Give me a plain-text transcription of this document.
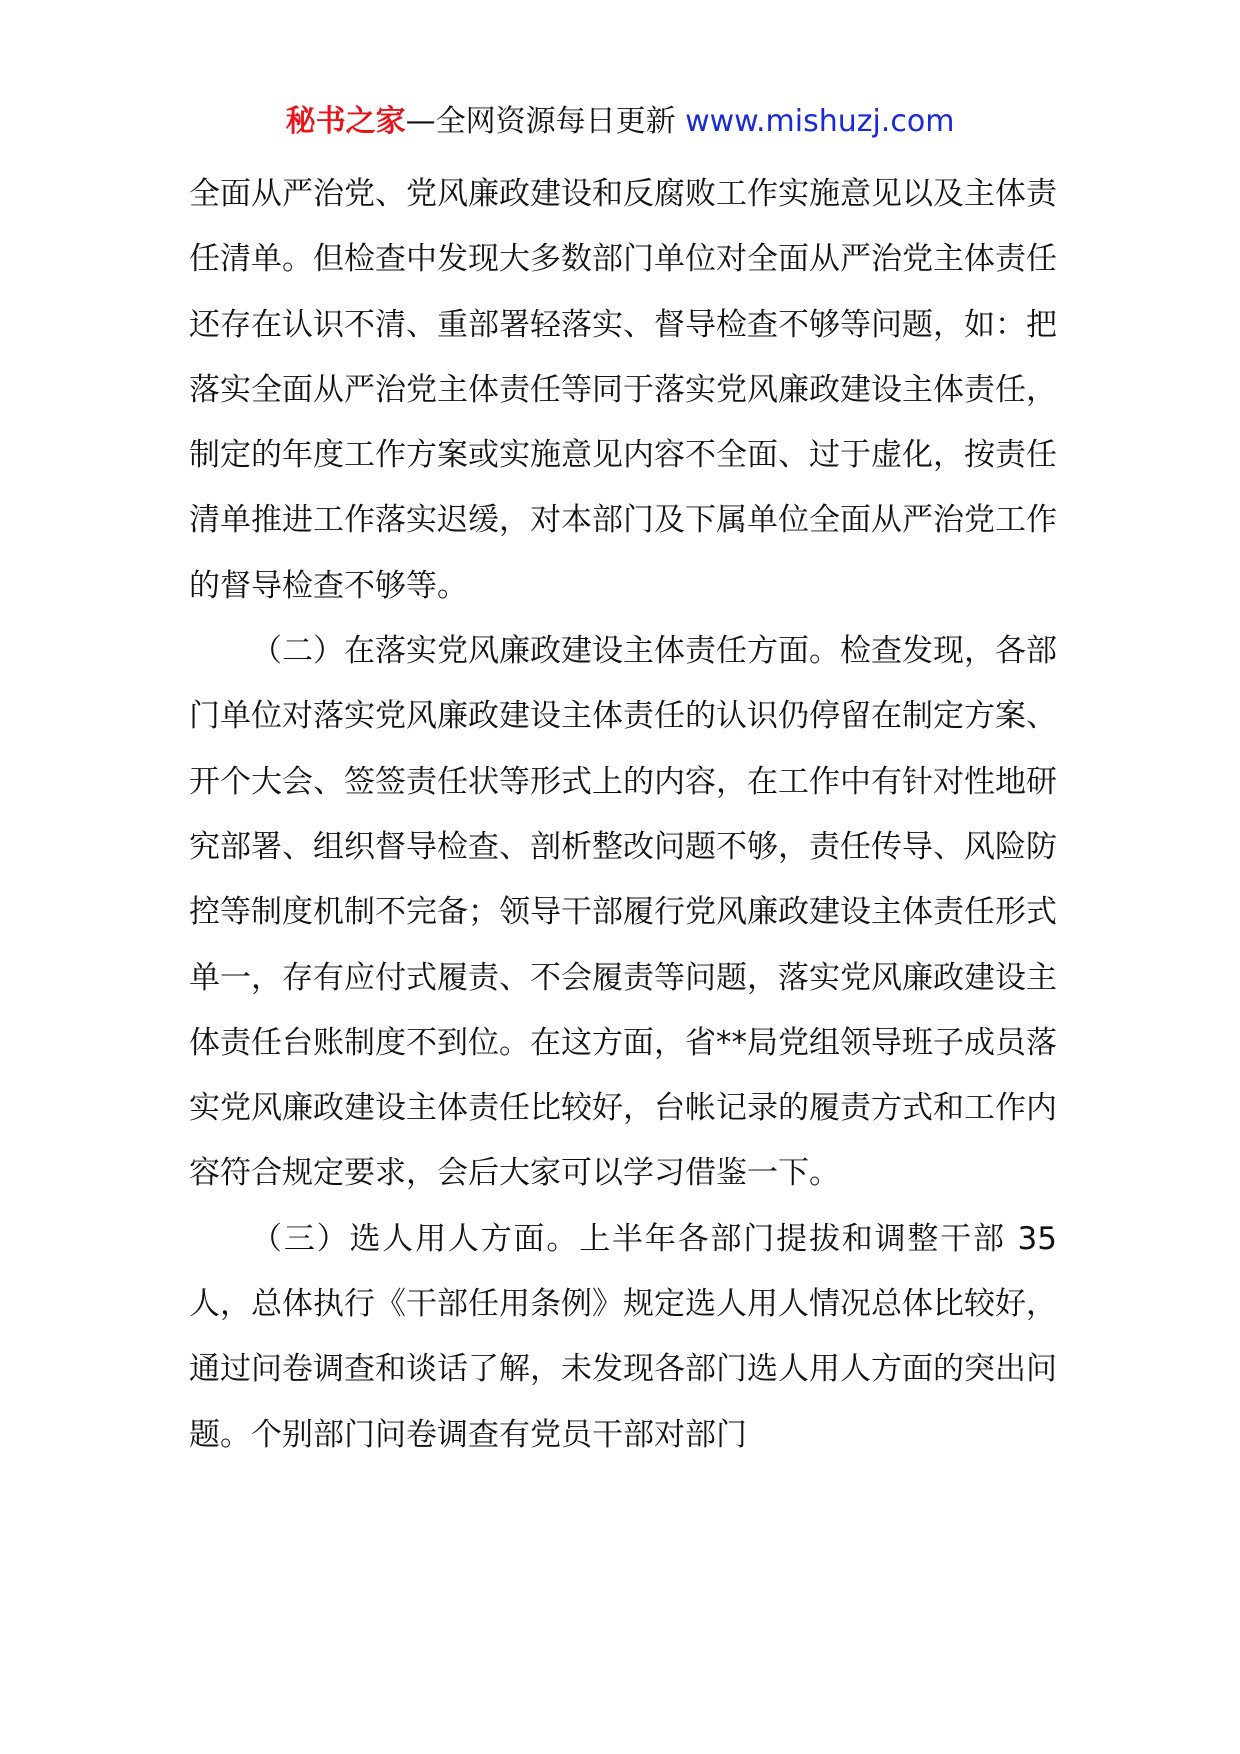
秘书之家—全网资源每日更新 www.mishuzj.com

全面从严治党、党风廉政建设和反腐败工作实施意见以及主体责任清单。但检查中发现大多数部门单位对全面从严治党主体责任还存在认识不清、重部署轻落实、督导检查不够等问题，如：把落实全面从严治党主体责任等同于落实党风廉政建设主体责任，制定的年度工作方案或实施意见内容不全面、过于虚化，按责任清单推进工作落实迟缓，对本部门及下属单位全面从严治党工作的督导检查不够等。

（二）在落实党风廉政建设主体责任方面。检查发现，各部门单位对落实党风廉政建设主体责任的认识仍停留在制定方案、开个大会、签签责任状等形式上的内容，在工作中有针对性地研究部署、组织督导检查、剖析整改问题不够，责任传导、风险防控等制度机制不完备；领导干部履行党风廉政建设主体责任形式单一，存有应付式履责、不会履责等问题，落实党风廉政建设主体责任台账制度不到位。在这方面，省**局党组领导班子成员落实党风廉政建设主体责任比较好，台帐记录的履责方式和工作内容符合规定要求，会后大家可以学习借鉴一下。

（三）选人用人方面。上半年各部门提拔和调整干部 35 人，总体执行《干部任用条例》规定选人用人情况总体比较好，通过问卷调查和谈话了解，未发现各部门选人用人方面的突出问题。个别部门问卷调查有党员干部对部门
